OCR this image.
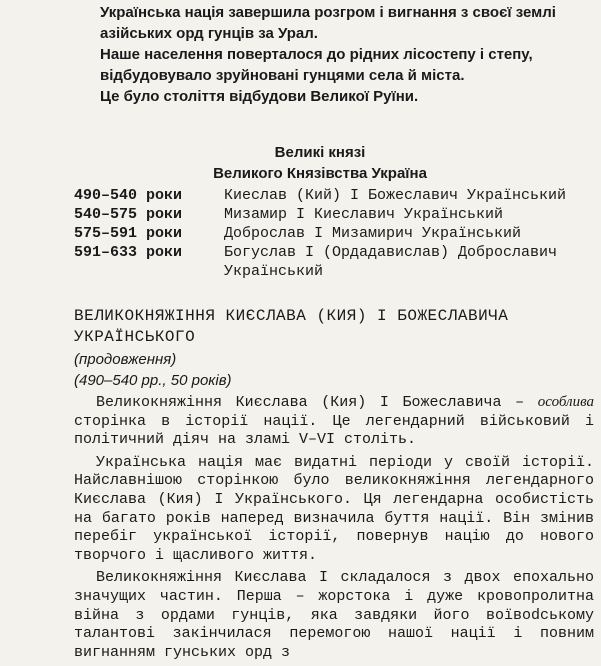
Українська нація завершила розгром і вигнання з своєї землі азійських орд гунців за Урал.

Наше населення поверталося до рідних лісостепу і степу, відбудовувало зруйновані гунцями села й міста.

Це було століття відбудови Великої Руїни.

Великі князі
Великого Князівства Україна
490–540 роки	Киеслав (Кий) І Божеславич Український
540–575 роки	Мизамир І Киеславич Український
575–591 роки	Доброслав І Мизамирич Український
591–633 роки	Богуслав І (Ордадавислав) Доброславич Український
ВЕЛИКОКНЯЖІННЯ КИЄСЛАВА (КИЯ) І БОЖЕСЛАВИЧА УКРАЇНСЬКОГО
(продовження)
(490–540 рр., 50 років)

Великокняжіння Києслава (Кия) І Божеславича – особлива сторінка в історії нації. Це легендарний військовий і політичний діяч на зламі V–VI століть.

Українська нація має видатні періоди у своїй історії. Найславнішою сторінкою було великокняжіння легендарного Києслава (Кия) І Українського. Ця легендарна особистість на багато років наперед визначила буття нації. Він змінив перебіг української історії, повернув націю до нового творчого і щасливого життя.

Великокняжіння Києслава І складалося з двох епохально значущих частин. Перша – жорстока і дуже кровопролитна війна з ордами гунців, яка завдяки його воївodському талантові закінчилася перемогою нашої нації і повним вигнанням гунських орд з
